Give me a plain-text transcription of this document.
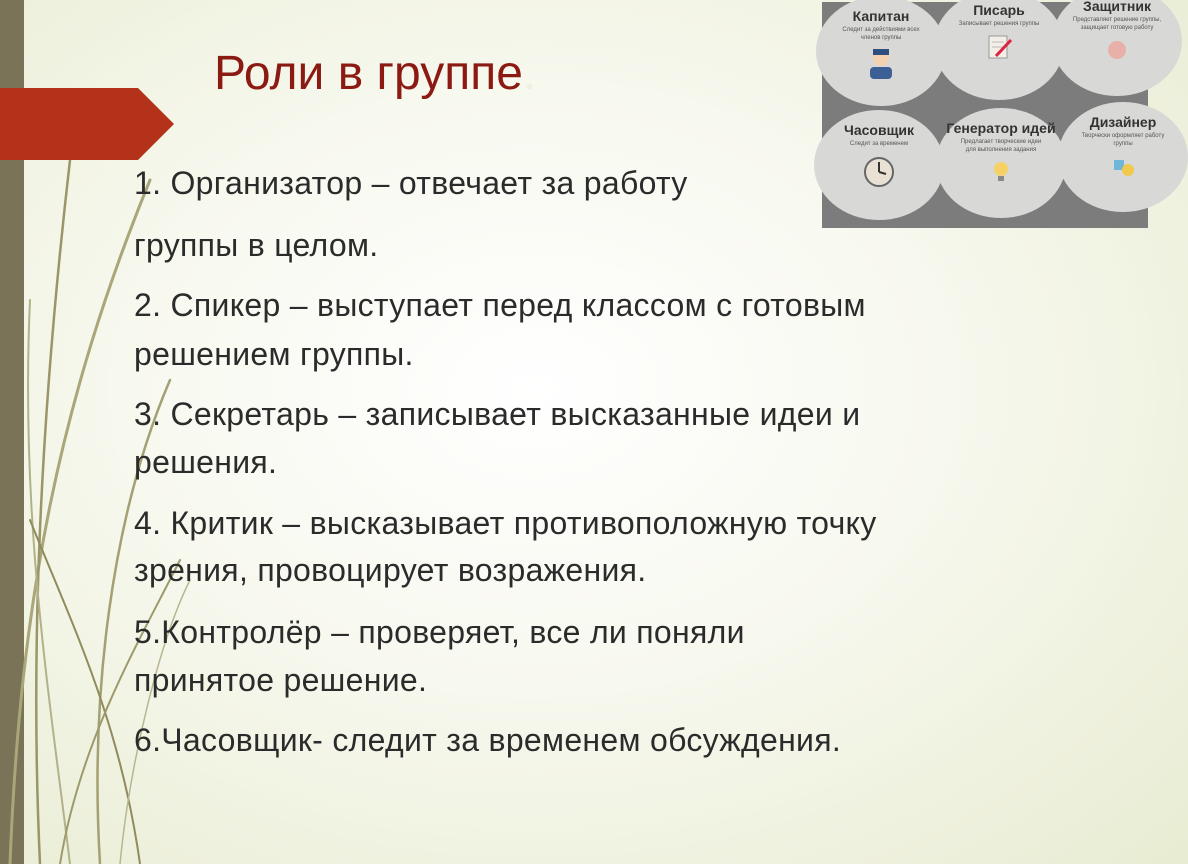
Роли в группе.

1. Организатор – отвечает за работу

группы в целом.

2. Спикер – выступает перед классом с готовым

решением группы.

3. Секретарь – записывает высказанные идеи и

решения.

4. Критик – высказывает противоположную точку

зрения, провоцирует возражения.

5.Контролёр – проверяет, все ли поняли

принятое решение.

6.Часовщик- следит за временем обсуждения.

Капитан
Следит за действиями всех членов группы
Писарь
Записывает решения группы
Защитник
Представляет решение группы, защищает готовую работу
Часовщик
Следит за временем
Генератор идей
Предлагает творческие идеи для выполнения задания
Дизайнер
Творчески оформляет работу группы
